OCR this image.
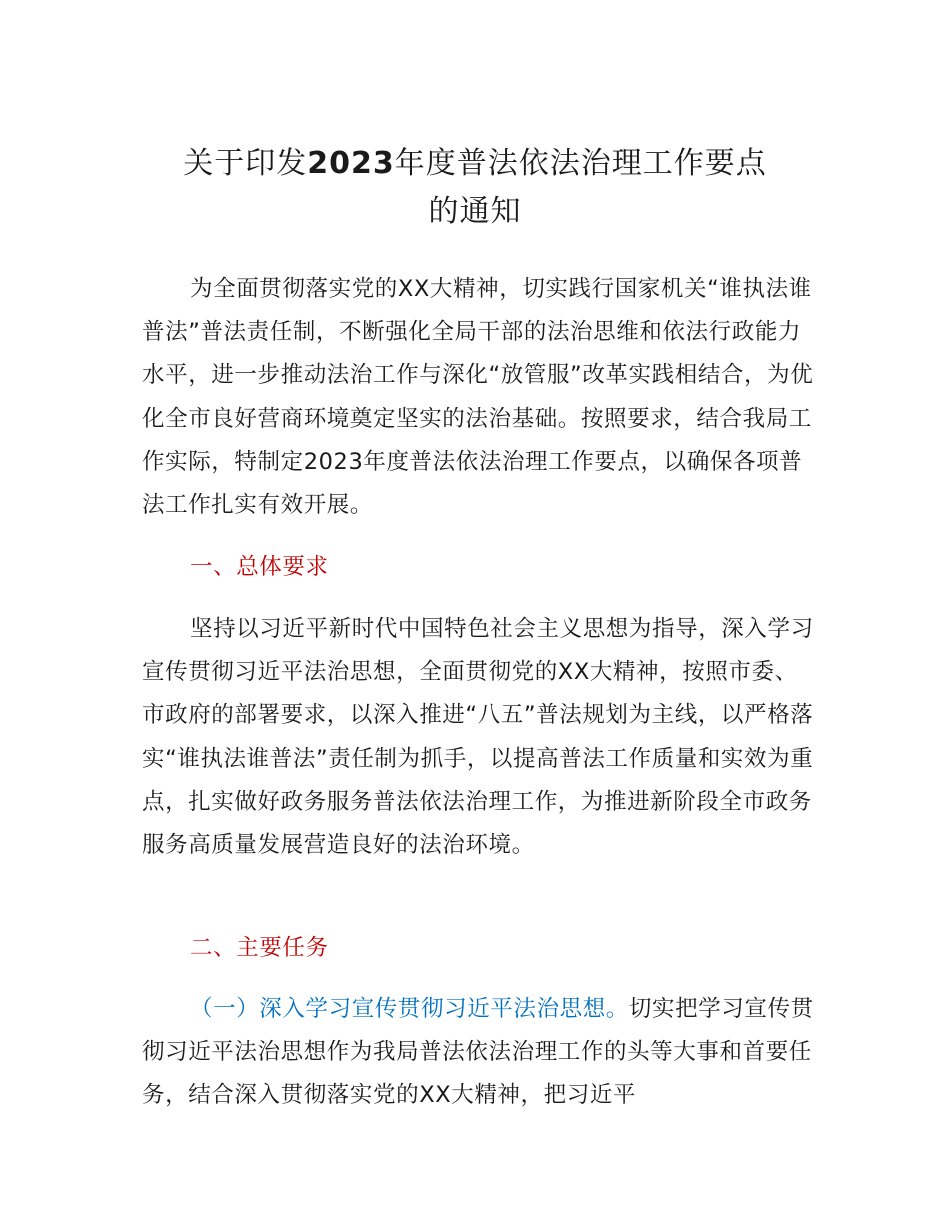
关于印发2023年度普法依法治理工作要点
的通知
为全面贯彻落实党的XX大精神，切实践行国家机关“谁执法谁普法”普法责任制，不断强化全局干部的法治思维和依法行政能力水平，进一步推动法治工作与深化“放管服”改革实践相结合，为优化全市良好营商环境奠定坚实的法治基础。按照要求，结合我局工作实际，特制定2023年度普法依法治理工作要点，以确保各项普法工作扎实有效开展。
一、总体要求
坚持以习近平新时代中国特色社会主义思想为指导，深入学习宣传贯彻习近平法治思想，全面贯彻党的XX大精神，按照市委、市政府的部署要求，以深入推进“八五”普法规划为主线，以严格落实“谁执法谁普法”责任制为抓手，以提高普法工作质量和实效为重点，扎实做好政务服务普法依法治理工作，为推进新阶段全市政务服务高质量发展营造良好的法治环境。
二、主要任务
（一）深入学习宣传贯彻习近平法治思想。切实把学习宣传贯彻习近平法治思想作为我局普法依法治理工作的头等大事和首要任务，结合深入贯彻落实党的XX大精神，把习近平
